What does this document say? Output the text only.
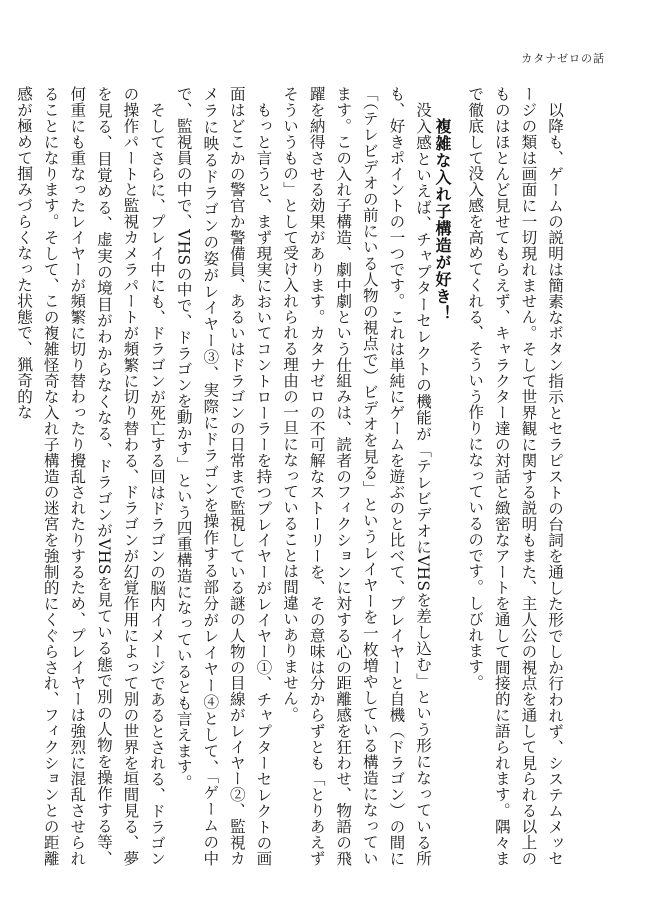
カタナゼロの話

以降も、ゲームの説明は簡素なボタン指示とセラピストの台詞を通した形でしか行われず、システムメッセージの類は画面に一切現れません。そして世界観に関する説明もまた、主人公の視点を通して見られる以上のものはほとんど見せてもらえず、キャラクター達の対話と緻密なアートを通して間接的に語られます。隅々まで徹底して没入感を高めてくれる、そういう作りになっているのです。しびれます。

複雑な入れ子構造が好き！

没入感といえば、チャプターセレクトの機能が「テレビデオにVHSを差し込む」という形になっている所も、好きポイントの一つです。これは単純にゲームを遊ぶのと比べて、プレイヤーと自機（ドラゴン）の間に「（テレビデオの前にいる人物の視点で）ビデオを見る」というレイヤーを一枚増やしている構造になっています。この入れ子構造、劇中劇という仕組みは、読者のフィクションに対する心の距離感を狂わせ、物語の飛躍を納得させる効果があります。カタナゼロの不可解なストーリーを、その意味は分からずとも「とりあえずそういうもの」として受け入れられる理由の一旦になっていることは間違いありません。

もっと言うと、まず現実においてコントローラーを持つプレイヤーがレイヤー①、チャプターセレクトの画面はどこかの警官か警備員、あるいはドラゴンの日常まで監視している謎の人物の目線がレイヤー②、監視カメラに映るドラゴンの姿がレイヤー③、実際にドラゴンを操作する部分がレイヤー④として、「ゲームの中で、監視員の中で、VHSの中で、ドラゴンを動かす」という四重構造になっているとも言えます。

そしてさらに、プレイ中にも、ドラゴンが死亡する回はドラゴンの脳内イメージであるとされる、ドラゴンの操作パートと監視カメラパートが頻繁に切り替わる、ドラゴンが幻覚作用によって別の世界を垣間見る、夢を見る、目覚める、虚実の境目がわからなくなる、ドラゴンがVHSを見ている態で別の人物を操作する等、何重にも重なったレイヤーが頻繁に切り替わったり攪乱されたりするため、プレイヤーは強烈に混乱させられることになります。そして、この複雑怪奇な入れ子構造の迷宮を強制的にくぐらされ、フィクションとの距離感が極めて掴みづらくなった状態で、猟奇的な
